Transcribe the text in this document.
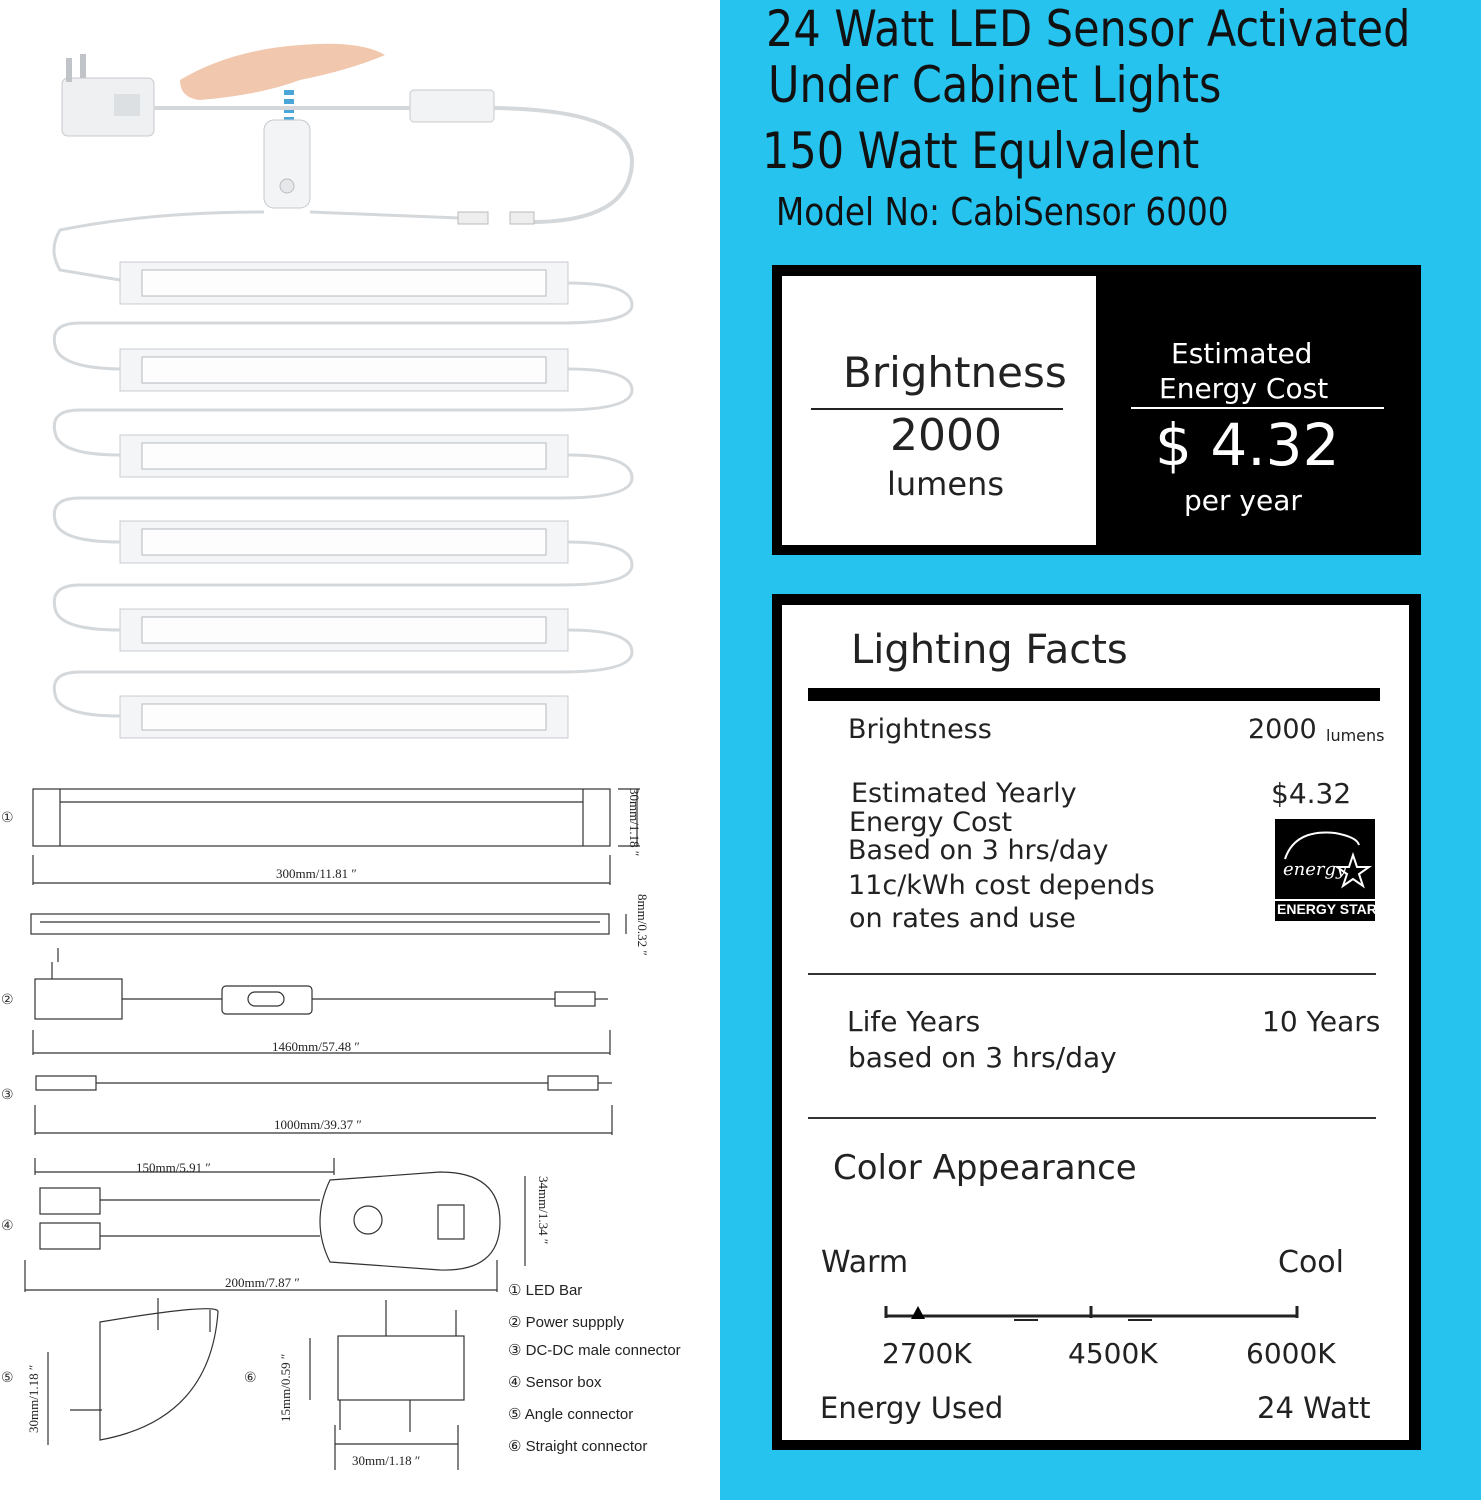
300mm/11.81 ″
30mm/1.18 ″
8mm/0.32 ″
1460mm/57.48 ″
1000mm/39.37 ″
150mm/5.91 ″
200mm/7.87 ″
34mm/1.34 ″
30mm/1.18 ″	15mm/0.59 ″
30mm/1.18 ″
①
②
③
④
⑤	⑥
① LED Bar
② Power suppply
③ DC-DC male connector
④ Sensor box
⑤ Angle connector
⑥ Straight connector
24 Watt LED Sensor Activated
Under Cabinet Lights
150 Watt Equlvalent
Model No: CabiSensor 6000
Brightness
2000
lumens
Estimated
Energy Cost
$ 4.32
per year
Lighting Facts
Brightness	2000 lumens
Estimated Yearly
Energy Cost
Based on 3 hrs/day
11c/kWh cost depends
on rates and use
$4.32
energy
ENERGY STAR
Life Years
based on 3 hrs/day
10 Years
Color Appearance
Warm	Cool
2700K	4500K	6000K
Energy Used	24 Watt
